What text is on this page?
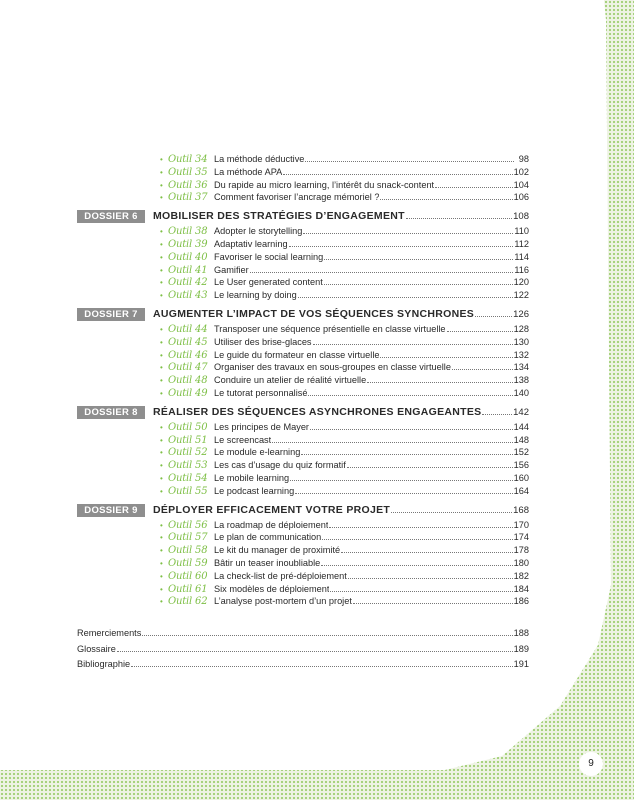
• Outil 34 La méthode déductive	98
• Outil 35 La méthode APA	102
• Outil 36 Du rapide au micro learning, l’intérêt du snack-content	104
• Outil 37 Comment favoriser l’ancrage mémoriel ?	106
DOSSIER 6	MOBILISER DES STRATÉGIES D’ENGAGEMENT	108
• Outil 38 Adopter le storytelling	110
• Outil 39 Adaptativ learning	112
• Outil 40 Favoriser le social learning	114
• Outil 41 Gamifier	116
• Outil 42 Le User generated content	120
• Outil 43 Le learning by doing	122
DOSSIER 7	AUGMENTER L’IMPACT DE VOS SÉQUENCES SYNCHRONES	126
• Outil 44 Transposer une séquence présentielle en classe virtuelle	128
• Outil 45 Utiliser des brise-glaces	130
• Outil 46 Le guide du formateur en classe virtuelle	132
• Outil 47 Organiser des travaux en sous-groupes en classe virtuelle	134
• Outil 48 Conduire un atelier de réalité virtuelle	138
• Outil 49 Le tutorat personnalisé	140
DOSSIER 8	RÉALISER DES SÉQUENCES ASYNCHRONES ENGAGEANTES	142
• Outil 50 Les principes de Mayer	144
• Outil 51 Le screencast	148
• Outil 52 Le module e-learning	152
• Outil 53 Les cas d’usage du quiz formatif	156
• Outil 54 Le mobile learning	160
• Outil 55 Le podcast learning	164
DOSSIER 9	DÉPLOYER EFFICACEMENT VOTRE PROJET	168
• Outil 56 La roadmap de déploiement	170
• Outil 57 Le plan de communication	174
• Outil 58 Le kit du manager de proximité	178
• Outil 59 Bâtir un teaser inoubliable	180
• Outil 60 La check-list de pré-déploiement	182
• Outil 61 Six modèles de déploiement	184
• Outil 62 L’analyse post-mortem d’un projet	186
Remerciements	188
Glossaire	189
Bibliographie	191
9
